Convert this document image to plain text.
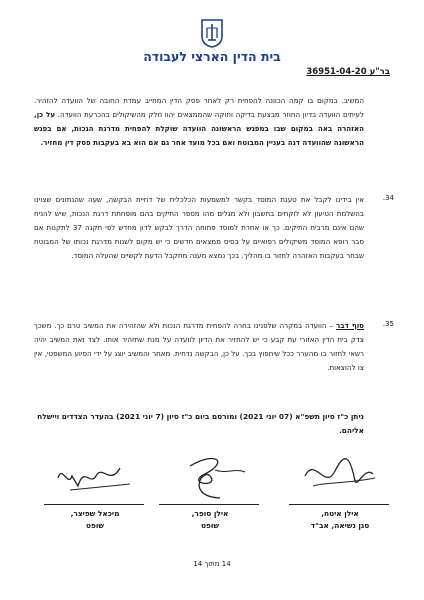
בית הדין הארצי לעבודה
בר"ע 36951-04-20
המשיב. במקום בו קמה הכוונה להפחית רק לאחר פסק הדין המחייב עמדת החובה של הוועדה להזהיר. לעיתים הוועדה בדיון החוזר מבצעת בדיקה וחוקה שהממצאים יהוו חלק מהשיקולים בהכרעת הוועדה. על כן, האזהרה באה במקום שבו במפגש הראשונה הוועדה שוקלת להפחית מדרגת הנכות, אם בפגש הראשונה שהוועדה דנה בעניין המבוטח ואם בכל מועד אחר גם אם הוא בא בעקבות פסק דין מחזיר.
34.
אין בידינו לקבל את טענת המוסד בקשר למשמעות הכלכלית של דחיית הבקשה, שעה שהנתונים שצוינו בהשלמת הטיעון לא לוקחים בחשבון ולא מגלים מהו מספר התיקים בהם מופחתת דרגת הנכות, שיש להניח שהם אינם מרבית התיקים. כך או אחרת למוסד פתוחה הדרך לבקש לדון מחדש לפי תקנה 37 לתקנות אם סבר רופא המוסד משיקולים רפואיים על בסיס ממצאים חדשים כי יש מקום לשנות מדרגת נכותו של המבוטח שבחר בעקבות האזהרה לחזור בו מהליך. בכך נמצא מענה מתקבל הדעת לקשיים שהעלה המוסד.
35.
סוף דבר – הוועדה במקרה שלפנינו בחרה להפחית מדרגת הנכות ולא שהזהירה את המשיב טרם כך. משכך צדק בית הדין האזורי עת קבע כי יש להחזיר את הדיון לוועדה על מנת שתזהיר אותו. לצד זאת המשיב יהיה רשאי לחזור בו מהערר ככל שיחפוץ בכך. על כן, הבקשה נדחית. מאחר והמשיב יוצג על ידי הסיוע המשפטי, אין צו להוצאות.
ניתן כ"ז סיון תשפ"א (07 יוני 2021) ומורסם ביום כ"ז סיון (7 יוני 2021) בהעדר הצדדים ויישלח אליהם.
אילן איטח,
סגן נשיאה, אב"ד
אילן סופר,
שופט
מיכאל שפיצר,
שופט
14 מתוך 14
